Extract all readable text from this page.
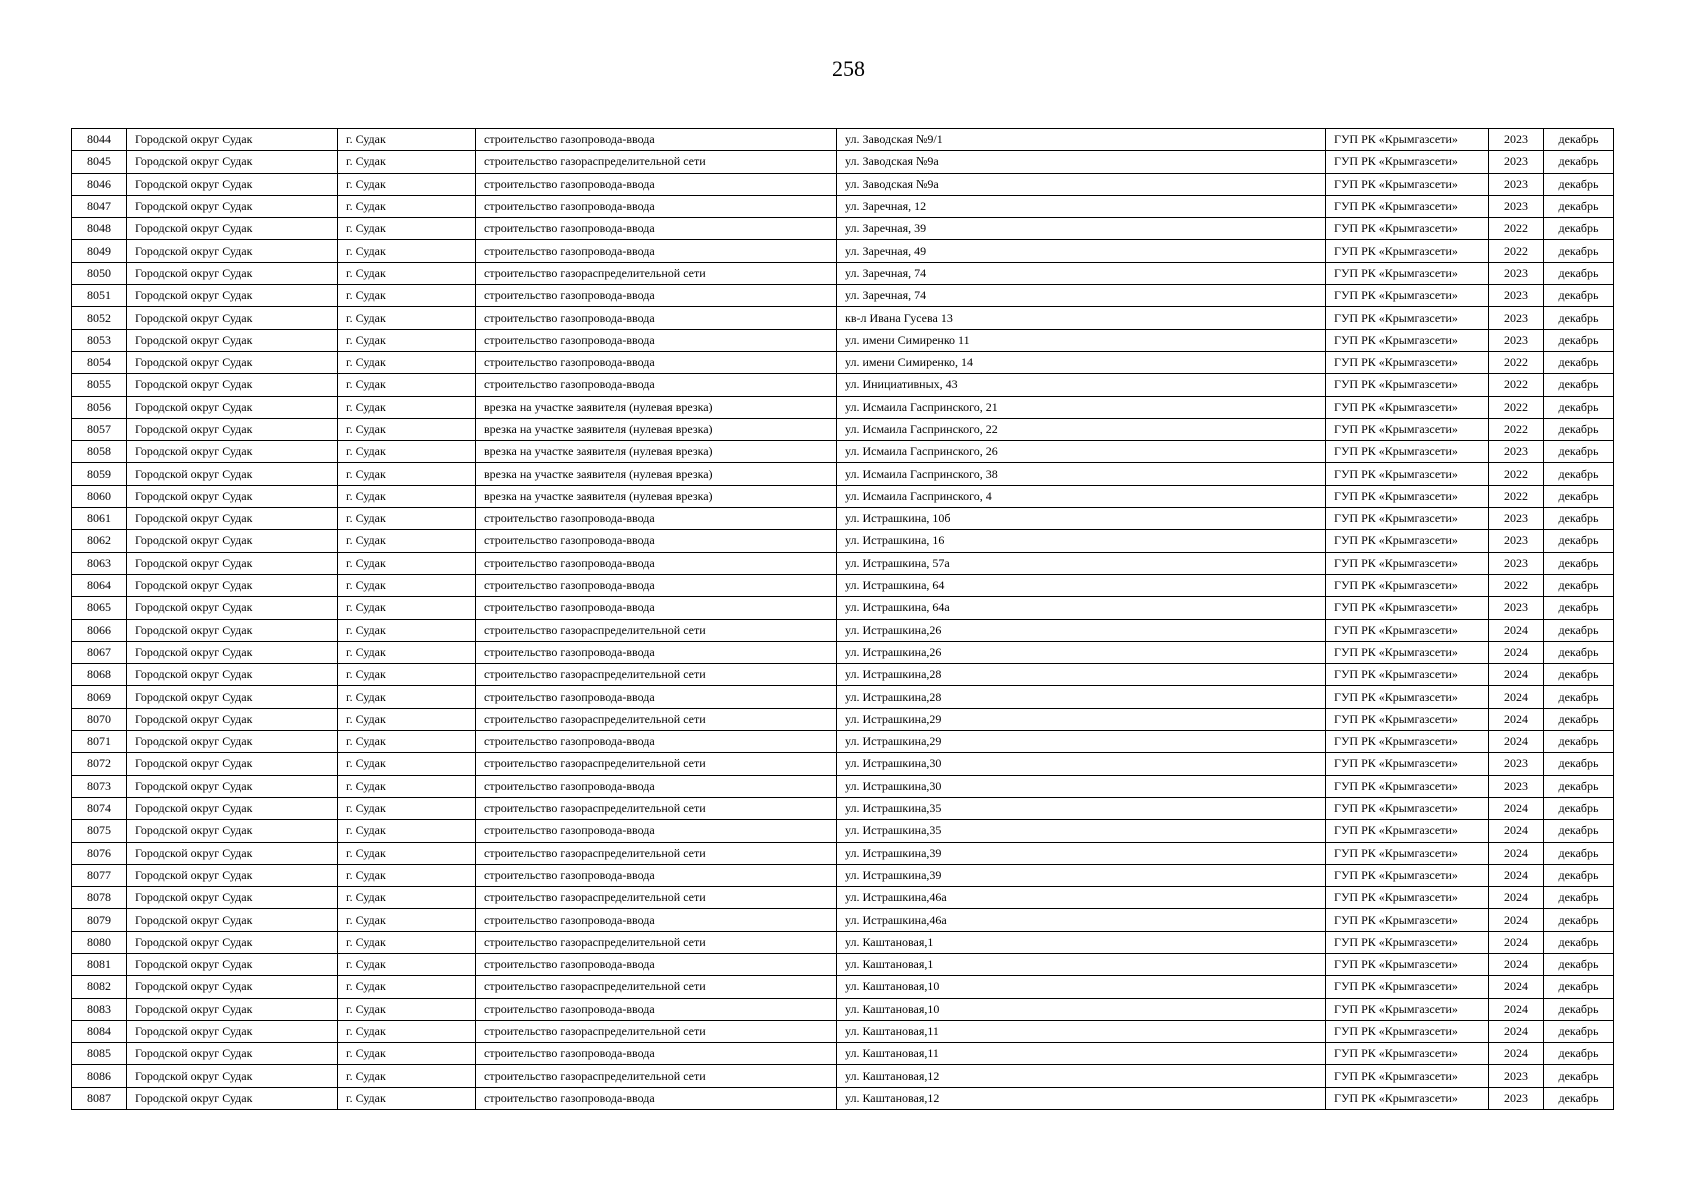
258
8044	Городской округ Судак	г. Судак	строительство газопровода-ввода	ул. Заводская №9/1	ГУП РК «Крымгазсети»	2023	декабрь
8045	Городской округ Судак	г. Судак	строительство газораспределительной сети	ул. Заводская №9а	ГУП РК «Крымгазсети»	2023	декабрь
8046	Городской округ Судак	г. Судак	строительство газопровода-ввода	ул. Заводская №9а	ГУП РК «Крымгазсети»	2023	декабрь
8047	Городской округ Судак	г. Судак	строительство газопровода-ввода	ул. Заречная, 12	ГУП РК «Крымгазсети»	2023	декабрь
8048	Городской округ Судак	г. Судак	строительство газопровода-ввода	ул. Заречная, 39	ГУП РК «Крымгазсети»	2022	декабрь
8049	Городской округ Судак	г. Судак	строительство газопровода-ввода	ул. Заречная, 49	ГУП РК «Крымгазсети»	2022	декабрь
8050	Городской округ Судак	г. Судак	строительство газораспределительной сети	ул. Заречная, 74	ГУП РК «Крымгазсети»	2023	декабрь
8051	Городской округ Судак	г. Судак	строительство газопровода-ввода	ул. Заречная, 74	ГУП РК «Крымгазсети»	2023	декабрь
8052	Городской округ Судак	г. Судак	строительство газопровода-ввода	кв-л Ивана Гусева 13	ГУП РК «Крымгазсети»	2023	декабрь
8053	Городской округ Судак	г. Судак	строительство газопровода-ввода	ул. имени Симиренко 11	ГУП РК «Крымгазсети»	2023	декабрь
8054	Городской округ Судак	г. Судак	строительство газопровода-ввода	ул. имени Симиренко, 14	ГУП РК «Крымгазсети»	2022	декабрь
8055	Городской округ Судак	г. Судак	строительство газопровода-ввода	ул. Инициативных, 43	ГУП РК «Крымгазсети»	2022	декабрь
8056	Городской округ Судак	г. Судак	врезка на участке заявителя (нулевая врезка)	ул. Исмаила Гаспринского, 21	ГУП РК «Крымгазсети»	2022	декабрь
8057	Городской округ Судак	г. Судак	врезка на участке заявителя (нулевая врезка)	ул. Исмаила Гаспринского, 22	ГУП РК «Крымгазсети»	2022	декабрь
8058	Городской округ Судак	г. Судак	врезка на участке заявителя (нулевая врезка)	ул. Исмаила Гаспринского, 26	ГУП РК «Крымгазсети»	2023	декабрь
8059	Городской округ Судак	г. Судак	врезка на участке заявителя (нулевая врезка)	ул. Исмаила Гаспринского, 38	ГУП РК «Крымгазсети»	2022	декабрь
8060	Городской округ Судак	г. Судак	врезка на участке заявителя (нулевая врезка)	ул. Исмаила Гаспринского, 4	ГУП РК «Крымгазсети»	2022	декабрь
8061	Городской округ Судак	г. Судак	строительство газопровода-ввода	ул. Истрашкина, 10б	ГУП РК «Крымгазсети»	2023	декабрь
8062	Городской округ Судак	г. Судак	строительство газопровода-ввода	ул. Истрашкина, 16	ГУП РК «Крымгазсети»	2023	декабрь
8063	Городской округ Судак	г. Судак	строительство газопровода-ввода	ул. Истрашкина, 57а	ГУП РК «Крымгазсети»	2023	декабрь
8064	Городской округ Судак	г. Судак	строительство газопровода-ввода	ул. Истрашкина, 64	ГУП РК «Крымгазсети»	2022	декабрь
8065	Городской округ Судак	г. Судак	строительство газопровода-ввода	ул. Истрашкина, 64а	ГУП РК «Крымгазсети»	2023	декабрь
8066	Городской округ Судак	г. Судак	строительство газораспределительной сети	ул. Истрашкина,26	ГУП РК «Крымгазсети»	2024	декабрь
8067	Городской округ Судак	г. Судак	строительство газопровода-ввода	ул. Истрашкина,26	ГУП РК «Крымгазсети»	2024	декабрь
8068	Городской округ Судак	г. Судак	строительство газораспределительной сети	ул. Истрашкина,28	ГУП РК «Крымгазсети»	2024	декабрь
8069	Городской округ Судак	г. Судак	строительство газопровода-ввода	ул. Истрашкина,28	ГУП РК «Крымгазсети»	2024	декабрь
8070	Городской округ Судак	г. Судак	строительство газораспределительной сети	ул. Истрашкина,29	ГУП РК «Крымгазсети»	2024	декабрь
8071	Городской округ Судак	г. Судак	строительство газопровода-ввода	ул. Истрашкина,29	ГУП РК «Крымгазсети»	2024	декабрь
8072	Городской округ Судак	г. Судак	строительство газораспределительной сети	ул. Истрашкина,30	ГУП РК «Крымгазсети»	2023	декабрь
8073	Городской округ Судак	г. Судак	строительство газопровода-ввода	ул. Истрашкина,30	ГУП РК «Крымгазсети»	2023	декабрь
8074	Городской округ Судак	г. Судак	строительство газораспределительной сети	ул. Истрашкина,35	ГУП РК «Крымгазсети»	2024	декабрь
8075	Городской округ Судак	г. Судак	строительство газопровода-ввода	ул. Истрашкина,35	ГУП РК «Крымгазсети»	2024	декабрь
8076	Городской округ Судак	г. Судак	строительство газораспределительной сети	ул. Истрашкина,39	ГУП РК «Крымгазсети»	2024	декабрь
8077	Городской округ Судак	г. Судак	строительство газопровода-ввода	ул. Истрашкина,39	ГУП РК «Крымгазсети»	2024	декабрь
8078	Городской округ Судак	г. Судак	строительство газораспределительной сети	ул. Истрашкина,46а	ГУП РК «Крымгазсети»	2024	декабрь
8079	Городской округ Судак	г. Судак	строительство газопровода-ввода	ул. Истрашкина,46а	ГУП РК «Крымгазсети»	2024	декабрь
8080	Городской округ Судак	г. Судак	строительство газораспределительной сети	ул. Каштановая,1	ГУП РК «Крымгазсети»	2024	декабрь
8081	Городской округ Судак	г. Судак	строительство газопровода-ввода	ул. Каштановая,1	ГУП РК «Крымгазсети»	2024	декабрь
8082	Городской округ Судак	г. Судак	строительство газораспределительной сети	ул. Каштановая,10	ГУП РК «Крымгазсети»	2024	декабрь
8083	Городской округ Судак	г. Судак	строительство газопровода-ввода	ул. Каштановая,10	ГУП РК «Крымгазсети»	2024	декабрь
8084	Городской округ Судак	г. Судак	строительство газораспределительной сети	ул. Каштановая,11	ГУП РК «Крымгазсети»	2024	декабрь
8085	Городской округ Судак	г. Судак	строительство газопровода-ввода	ул. Каштановая,11	ГУП РК «Крымгазсети»	2024	декабрь
8086	Городской округ Судак	г. Судак	строительство газораспределительной сети	ул. Каштановая,12	ГУП РК «Крымгазсети»	2023	декабрь
8087	Городской округ Судак	г. Судак	строительство газопровода-ввода	ул. Каштановая,12	ГУП РК «Крымгазсети»	2023	декабрь
